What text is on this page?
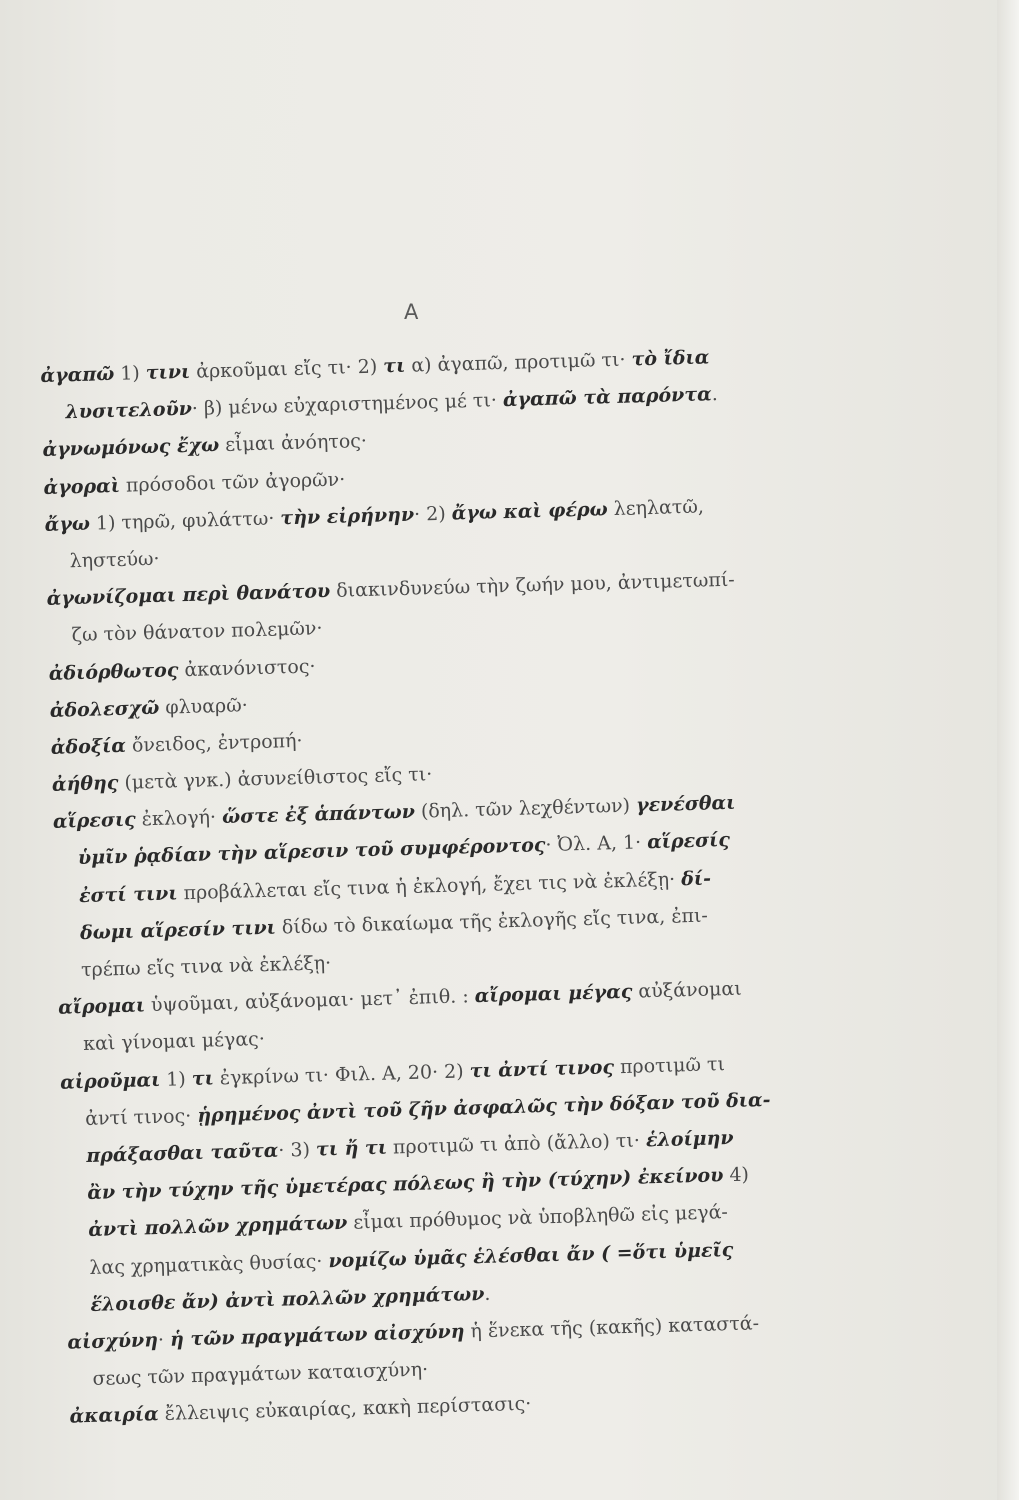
Α
ἀγαπῶ 1) τινι ἀρκοῦμαι εἴς τι· 2) τι α) ἀγαπῶ, προτιμῶ τι· τὸ ἴδια
λυσιτελοῦν· β) μένω εὐχαριστημένος μέ τι· ἀγαπῶ τὰ παρόντα.
ἀγνωμόνως ἔχω εἶμαι ἀνόητος·
ἀγοραὶ πρόσοδοι τῶν ἀγορῶν·
ἄγω 1) τηρῶ, φυλάττω· τὴν εἰρήνην· 2) ἄγω καὶ φέρω λεηλατῶ,
ληστεύω·
ἀγωνίζομαι περὶ θανάτου διακινδυνεύω τὴν ζωήν μου, ἀντιμετωπί-
ζω τὸν θάνατον πολεμῶν·
ἀδιόρθωτος ἀκανόνιστος·
ἀδολεσχῶ φλυαρῶ·
ἀδοξία ὄνειδος, ἐντροπή·
ἀήθης (μετὰ γνκ.) ἀσυνείθιστος εἴς τι·
αἵρεσις ἐκλογή· ὥστε ἐξ ἁπάντων (δηλ. τῶν λεχθέντων) γενέσθαι
ὑμῖν ῥᾳδίαν τὴν αἵρεσιν τοῦ συμφέροντος· Ὀλ. Α, 1· αἵρεσίς
ἐστί τινι προβάλλεται εἴς τινα ἡ ἐκλογή, ἔχει τις νὰ ἐκλέξῃ· δί-
δωμι αἵρεσίν τινι δίδω τὸ δικαίωμα τῆς ἐκλογῆς εἴς τινα, ἐπι-
τρέπω εἴς τινα νὰ ἐκλέξῃ·
αἴρομαι ὑψοῦμαι, αὐξάνομαι· μετ᾽ ἐπιθ. : αἴρομαι μέγας αὐξάνομαι
καὶ γίνομαι μέγας·
αἱροῦμαι 1) τι ἐγκρίνω τι· Φιλ. Α, 20· 2) τι ἀντί τινος προτιμῶ τι
ἀντί τινος· ᾑρημένος ἀντὶ τοῦ ζῆν ἀσφαλῶς τὴν δόξαν τοῦ δια-
πράξασθαι ταῦτα· 3) τι ἤ τι προτιμῶ τι ἀπὸ (ἄλλο) τι· ἑλοίμην
ἂν τὴν τύχην τῆς ὑμετέρας πόλεως ἢ τὴν (τύχην) ἐκείνου 4)
ἀντὶ πολλῶν χρημάτων εἶμαι πρόθυμος νὰ ὑποβληθῶ εἰς μεγά-
λας χρηματικὰς θυσίας· νομίζω ὑμᾶς ἑλέσθαι ἄν ( =ὅτι ὑμεῖς
ἕλοισθε ἄν) ἀντὶ πολλῶν χρημάτων.
αἰσχύνη· ἡ τῶν πραγμάτων αἰσχύνη ἡ ἕνεκα τῆς (κακῆς) καταστά-
σεως τῶν πραγμάτων καταισχύνη·
ἀκαιρία ἔλλειψις εὐκαιρίας, κακὴ περίστασις·
